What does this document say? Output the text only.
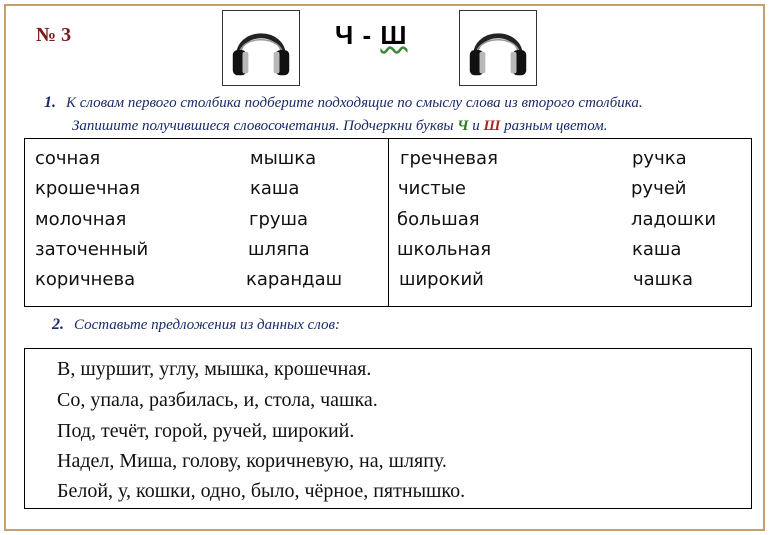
№ 3	Ч - Ш
1. К словам первого столбика подберите подходящие по смыслу слова из второго столбика.
Запишите получившиеся словосочетания. Подчеркни буквы Ч и Ш разным цветом.
сочная
крошечная
молочная
заточенный
коричнева
мышка
каша
груша
шляпа
карандаш
гречневая
чистые
большая
школьная
широкий
ручка
ручей
ладошки
каша
чашка
2. Составьте предложения из данных слов:
В, шуршит, углу, мышка, крошечная.
Со, упала, разбилась, и, стола, чашка.
Под, течёт, горой, ручей, широкий.
Надел, Миша, голову, коричневую, на, шляпу.
Белой, у, кошки, одно, было, чёрное, пятнышко.
